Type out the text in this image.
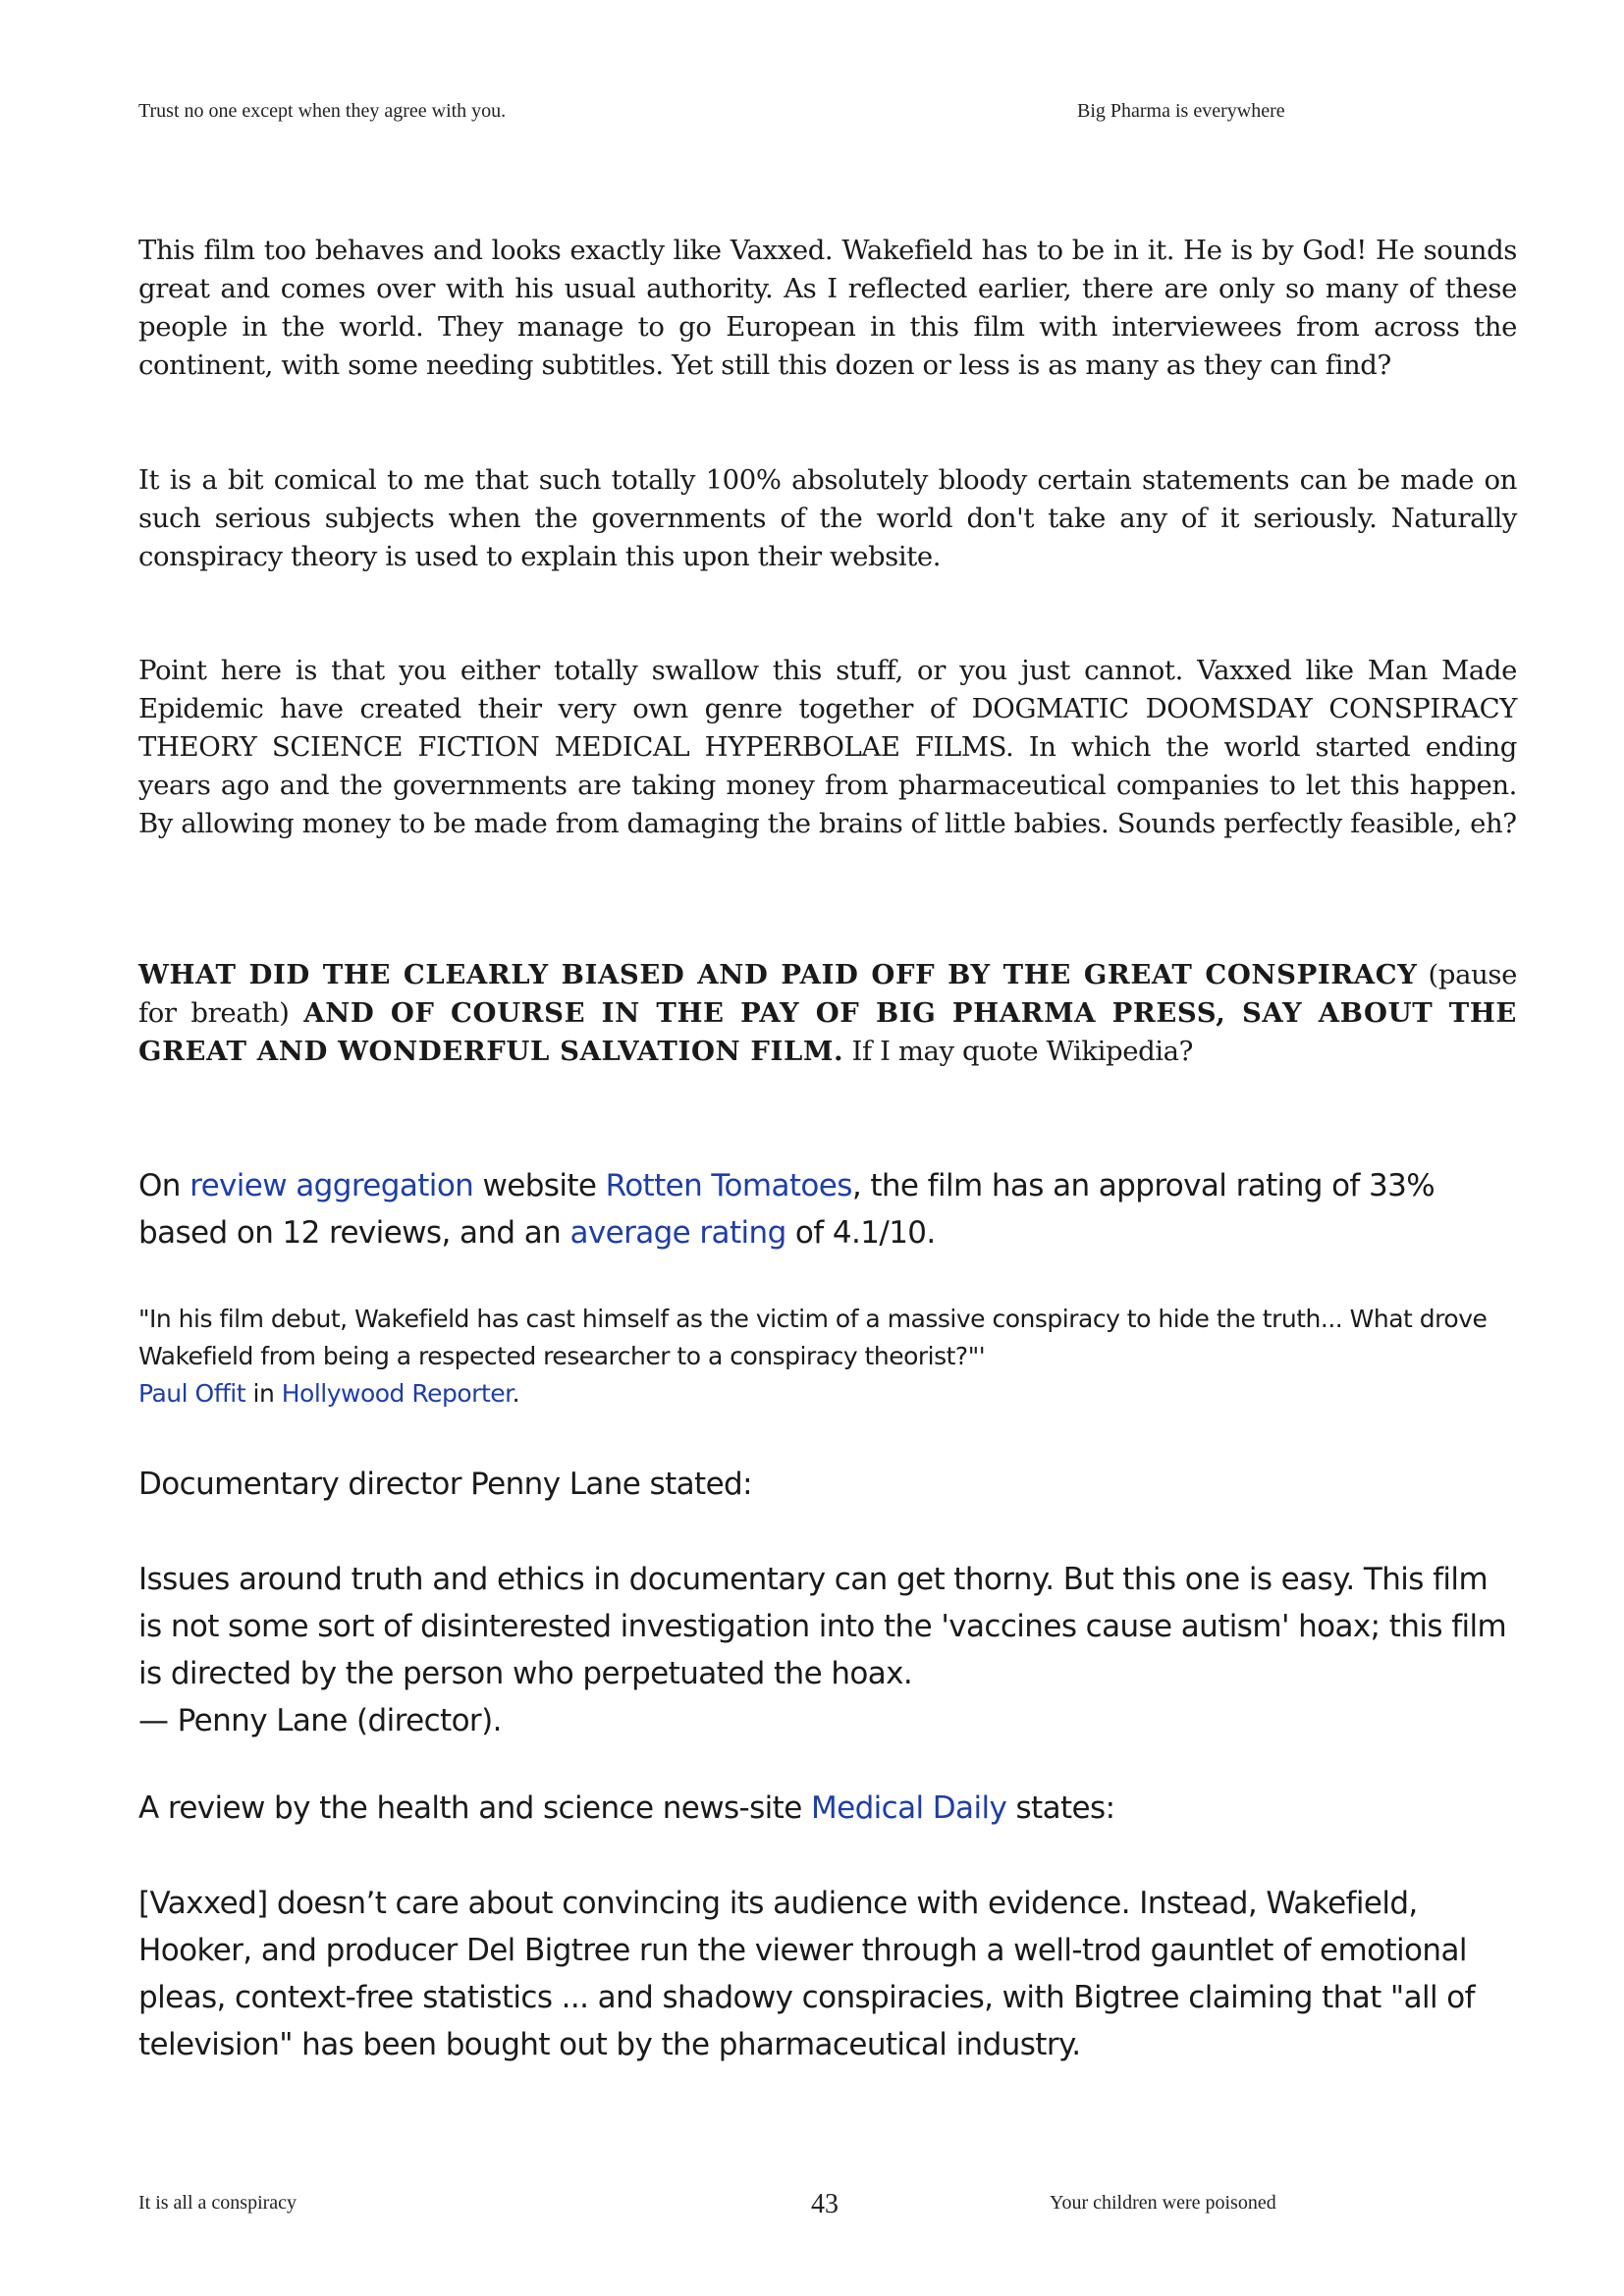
Trust no one except when they agree with you.	Big Pharma is everywhere

This film too behaves and looks exactly like Vaxxed. Wakefield has to be in it. He is by God! He sounds great and comes over with his usual authority. As I reflected earlier, there are only so many of these people in the world. They manage to go European in this film with interviewees from across the continent, with some needing subtitles. Yet still this dozen or less is as many as they can find?

It is a bit comical to me that such totally 100% absolutely bloody certain statements can be made on such serious subjects when the governments of the world don't take any of it seriously. Naturally conspiracy theory is used to explain this upon their website.

Point here is that you either totally swallow this stuff, or you just cannot. Vaxxed like Man Made Epidemic have created their very own genre together of DOGMATIC DOOMSDAY CONSPIRACY THEORY SCIENCE FICTION MEDICAL HYPERBOLAE FILMS. In which the world started ending years ago and the governments are taking money from pharmaceutical companies to let this happen. By allowing money to be made from damaging the brains of little babies. Sounds perfectly feasible, eh?

WHAT DID THE CLEARLY BIASED AND PAID OFF BY THE GREAT CONSPIRACY (pause for breath) AND OF COURSE IN THE PAY OF BIG PHARMA PRESS, SAY ABOUT THE GREAT AND WONDERFUL SALVATION FILM. If I may quote Wikipedia?

On review aggregation website Rotten Tomatoes, the film has an approval rating of 33% based on 12 reviews, and an average rating of 4.1/10.

"In his film debut, Wakefield has cast himself as the victim of a massive conspiracy to hide the truth... What drove Wakefield from being a respected researcher to a conspiracy theorist?"'
Paul Offit in Hollywood Reporter.

Documentary director Penny Lane stated:

Issues around truth and ethics in documentary can get thorny. But this one is easy. This film is not some sort of disinterested investigation into the 'vaccines cause autism' hoax; this film is directed by the person who perpetuated the hoax.
— Penny Lane (director).

A review by the health and science news-site Medical Daily states:

[Vaxxed] doesn’t care about convincing its audience with evidence. Instead, Wakefield, Hooker, and producer Del Bigtree run the viewer through a well-trod gauntlet of emotional pleas, context-free statistics ... and shadowy conspiracies, with Bigtree claiming that "all of television" has been bought out by the pharmaceutical industry.

It is all a conspiracy	43	Your children were poisoned
